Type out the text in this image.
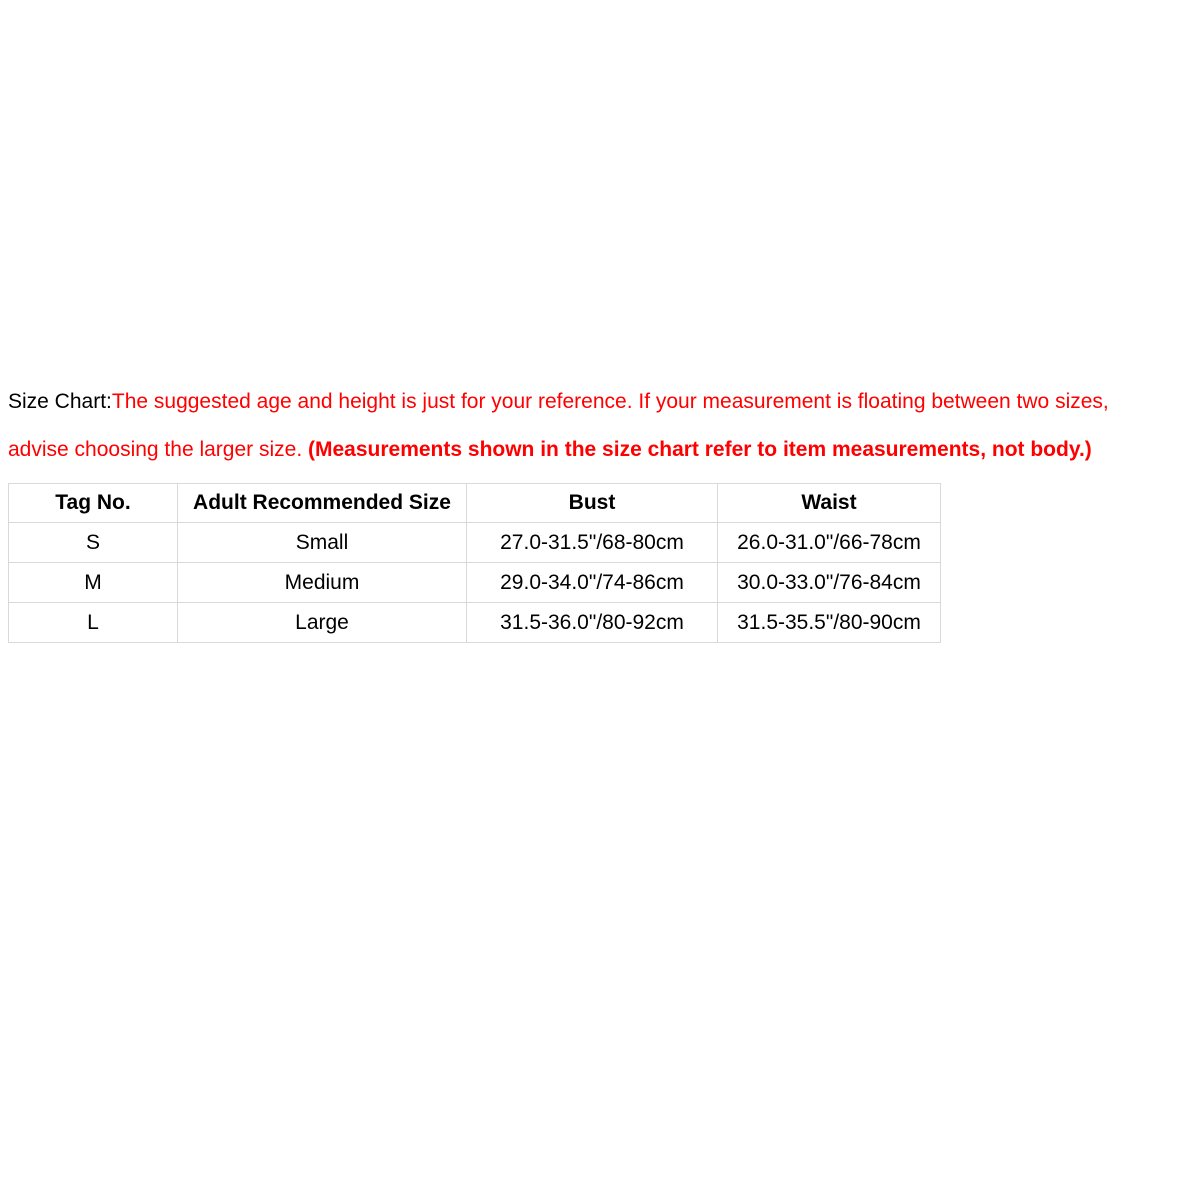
Size Chart:The suggested age and height is just for your reference. If your measurement is floating between two sizes,
advise choosing the larger size. (Measurements shown in the size chart refer to item measurements, not body.)
Tag No.	Adult Recommended Size	Bust	Waist
S	Small	27.0-31.5"/68-80cm	26.0-31.0"/66-78cm
M	Medium	29.0-34.0"/74-86cm	30.0-33.0"/76-84cm
L	Large	31.5-36.0"/80-92cm	31.5-35.5"/80-90cm
